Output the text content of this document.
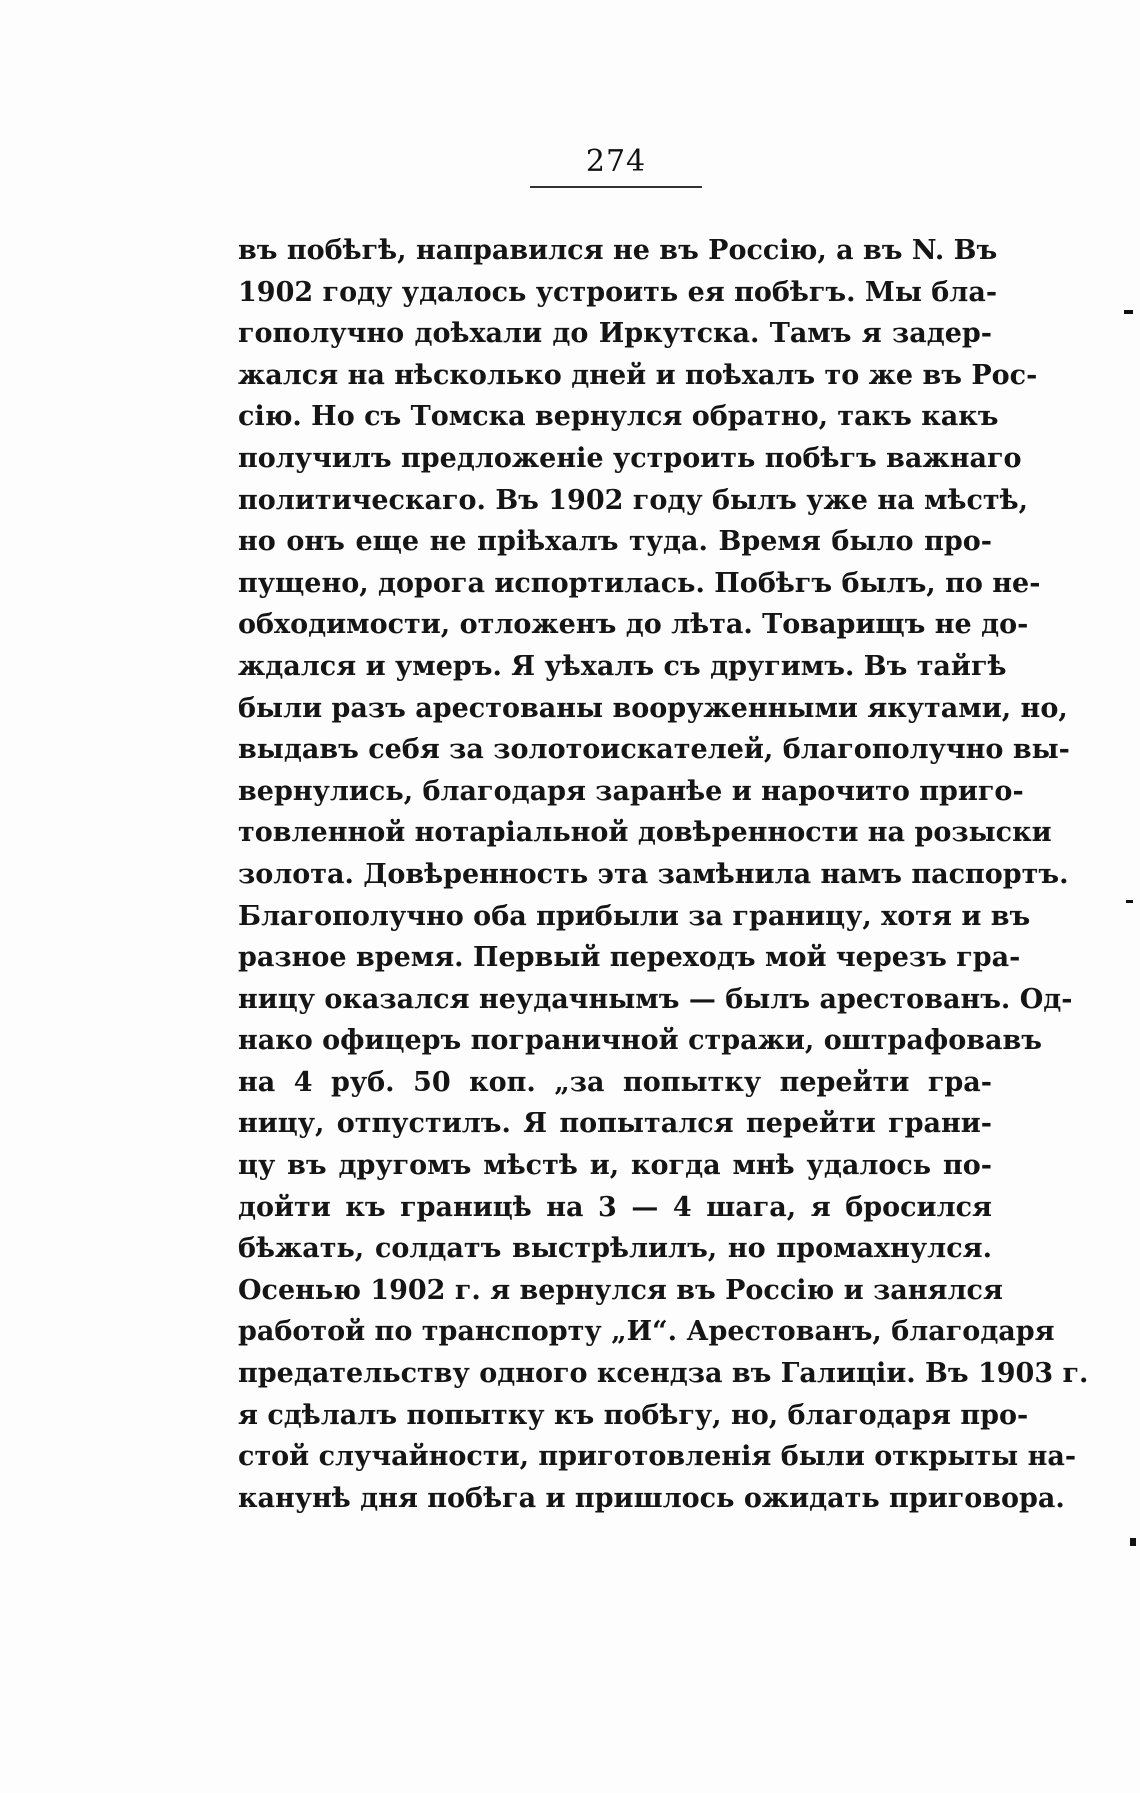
274
въ побѣгѣ, направился не въ Россію, а въ N. Въ
1902 году удалось устроить ея побѣгъ. Мы бла-
гополучно доѣхали до Иркутска. Тамъ я задер-
жался на нѣсколько дней и поѣхалъ то же въ Рос-
сію. Но съ Томска вернулся обратно, такъ какъ
получилъ предложеніе устроить побѣгъ важнаго
политическаго. Въ 1902 году былъ уже на мѣстѣ,
но онъ еще не пріѣхалъ туда. Время было про-
пущено, дорога испортилась. Побѣгъ былъ, по не-
обходимости, отложенъ до лѣта. Товарищъ не до-
ждался и умеръ. Я уѣхалъ съ другимъ. Въ тайгѣ
были разъ арестованы вооруженными якутами, но,
выдавъ себя за золотоискателей, благополучно вы-
вернулись, благодаря заранѣе и нарочито приго-
товленной нотаріальной довѣренности на розыски
золота. Довѣренность эта замѣнила намъ паспортъ.
Благополучно оба прибыли за границу, хотя и въ
разное время. Первый переходъ мой черезъ гра-
ницу оказался неудачнымъ — былъ арестованъ. Од-
нако офицеръ пограничной стражи, оштрафовавъ
на 4 руб. 50 коп. „за попытку перейти гра-
ницу, отпустилъ. Я попытался перейти грани-
цу въ другомъ мѣстѣ и, когда мнѣ удалось по-
дойти къ границѣ на 3 — 4 шага, я бросился
бѣжать, солдатъ выстрѣлилъ, но промахнулся.
Осенью 1902 г. я вернулся въ Россію и занялся
работой по транспорту „И“. Арестованъ, благодаря
предательству одного ксендза въ Галиціи. Въ 1903 г.
я сдѣлалъ попытку къ побѣгу, но, благодаря про-
стой случайности, приготовленія были открыты на-
канунѣ дня побѣга и пришлось ожидать приговора.
